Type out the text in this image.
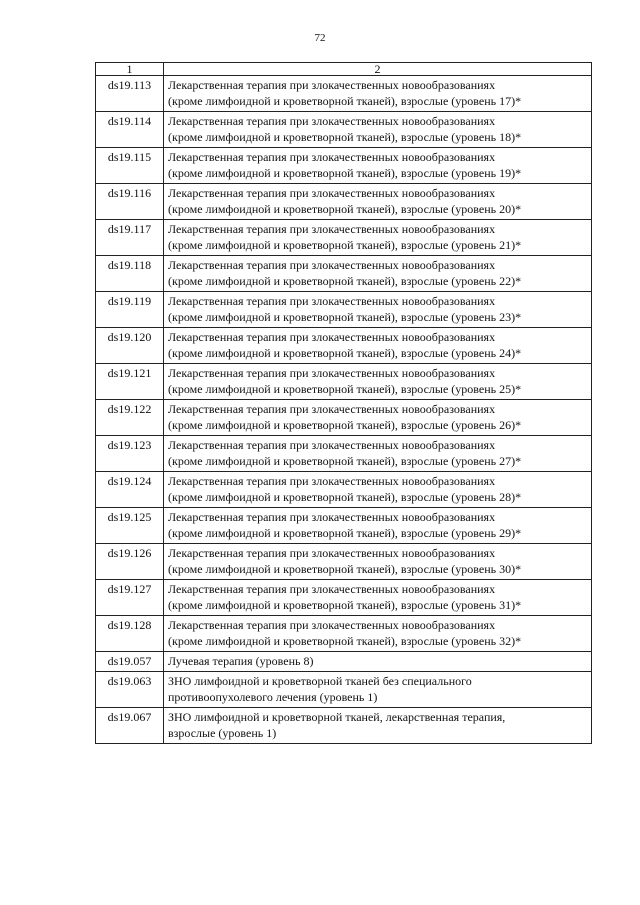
72
1	2
ds19.113	Лекарственная терапия при злокачественных новообразованиях
(кроме лимфоидной и кроветворной тканей), взрослые (уровень 17)*
ds19.114	Лекарственная терапия при злокачественных новообразованиях
(кроме лимфоидной и кроветворной тканей), взрослые (уровень 18)*
ds19.115	Лекарственная терапия при злокачественных новообразованиях
(кроме лимфоидной и кроветворной тканей), взрослые (уровень 19)*
ds19.116	Лекарственная терапия при злокачественных новообразованиях
(кроме лимфоидной и кроветворной тканей), взрослые (уровень 20)*
ds19.117	Лекарственная терапия при злокачественных новообразованиях
(кроме лимфоидной и кроветворной тканей), взрослые (уровень 21)*
ds19.118	Лекарственная терапия при злокачественных новообразованиях
(кроме лимфоидной и кроветворной тканей), взрослые (уровень 22)*
ds19.119	Лекарственная терапия при злокачественных новообразованиях
(кроме лимфоидной и кроветворной тканей), взрослые (уровень 23)*
ds19.120	Лекарственная терапия при злокачественных новообразованиях
(кроме лимфоидной и кроветворной тканей), взрослые (уровень 24)*
ds19.121	Лекарственная терапия при злокачественных новообразованиях
(кроме лимфоидной и кроветворной тканей), взрослые (уровень 25)*
ds19.122	Лекарственная терапия при злокачественных новообразованиях
(кроме лимфоидной и кроветворной тканей), взрослые (уровень 26)*
ds19.123	Лекарственная терапия при злокачественных новообразованиях
(кроме лимфоидной и кроветворной тканей), взрослые (уровень 27)*
ds19.124	Лекарственная терапия при злокачественных новообразованиях
(кроме лимфоидной и кроветворной тканей), взрослые (уровень 28)*
ds19.125	Лекарственная терапия при злокачественных новообразованиях
(кроме лимфоидной и кроветворной тканей), взрослые (уровень 29)*
ds19.126	Лекарственная терапия при злокачественных новообразованиях
(кроме лимфоидной и кроветворной тканей), взрослые (уровень 30)*
ds19.127	Лекарственная терапия при злокачественных новообразованиях
(кроме лимфоидной и кроветворной тканей), взрослые (уровень 31)*
ds19.128	Лекарственная терапия при злокачественных новообразованиях
(кроме лимфоидной и кроветворной тканей), взрослые (уровень 32)*
ds19.057	Лучевая терапия (уровень 8)
ds19.063	ЗНО лимфоидной и кроветворной тканей без специального
противоопухолевого лечения (уровень 1)
ds19.067	ЗНО лимфоидной и кроветворной тканей, лекарственная терапия,
взрослые (уровень 1)
